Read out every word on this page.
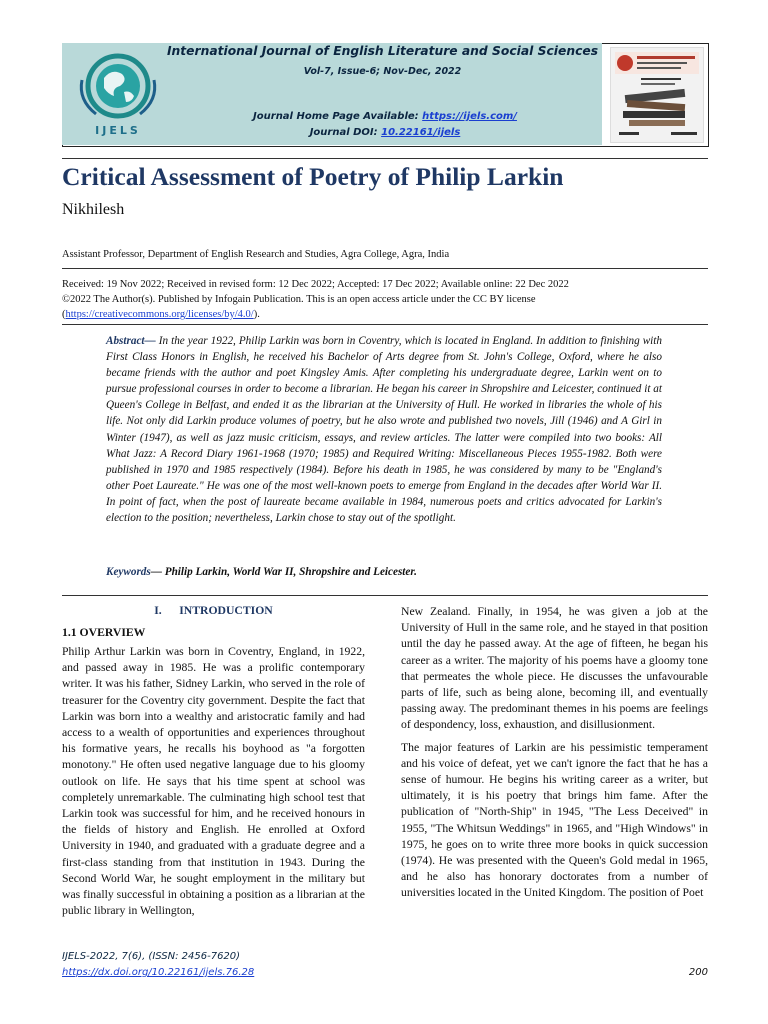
IJELS
International Journal of English Literature and Social Sciences
Vol-7, Issue-6; Nov-Dec, 2022
Journal Home Page Available: https://ijels.com/
Journal DOI: 10.22161/ijels
Critical Assessment of Poetry of Philip Larkin
Nikhilesh
Assistant Professor, Department of English Research and Studies, Agra College, Agra, India
Received: 19 Nov 2022; Received in revised form: 12 Dec 2022; Accepted: 17 Dec 2022; Available online: 22 Dec 2022
©2022 The Author(s). Published by Infogain Publication. This is an open access article under the CC BY license
(https://creativecommons.org/licenses/by/4.0/).
Abstract— In the year 1922, Philip Larkin was born in Coventry, which is located in England. In addition to finishing with First Class Honors in English, he received his Bachelor of Arts degree from St. John's College, Oxford, where he also became friends with the author and poet Kingsley Amis. After completing his undergraduate degree, Larkin went on to pursue professional courses in order to become a librarian. He began his career in Shropshire and Leicester, continued it at Queen's College in Belfast, and ended it as the librarian at the University of Hull. He worked in libraries the whole of his life. Not only did Larkin produce volumes of poetry, but he also wrote and published two novels, Jill (1946) and A Girl in Winter (1947), as well as jazz music criticism, essays, and review articles. The latter were compiled into two books: All What Jazz: A Record Diary 1961-1968 (1970; 1985) and Required Writing: Miscellaneous Pieces 1955-1982. Both were published in 1970 and 1985 respectively (1984). Before his death in 1985, he was considered by many to be "England's other Poet Laureate." He was one of the most well-known poets to emerge from England in the decades after World War II. In point of fact, when the post of laureate became available in 1984, numerous poets and critics advocated for Larkin's election to the position; nevertheless, Larkin chose to stay out of the spotlight.
Keywords— Philip Larkin, World War II, Shropshire and Leicester.
I.      INTRODUCTION
1.1 OVERVIEW

Philip Arthur Larkin was born in Coventry, England, in 1922, and passed away in 1985. He was a prolific contemporary writer. It was his father, Sidney Larkin, who served in the role of treasurer for the Coventry city government. Despite the fact that Larkin was born into a wealthy and aristocratic family and had access to a wealth of opportunities and experiences throughout his formative years, he recalls his boyhood as "a forgotten monotony." He often used negative language due to his gloomy outlook on life. He says that his time spent at school was completely unremarkable. The culminating high school test that Larkin took was successful for him, and he received honours in the fields of history and English. He enrolled at Oxford University in 1940, and graduated with a graduate degree and a first-class standing from that institution in 1943. During the Second World War, he sought employment in the military but was finally successful in obtaining a position as a librarian at the public library in Wellington,

New Zealand. Finally, in 1954, he was given a job at the University of Hull in the same role, and he stayed in that position until the day he passed away. At the age of fifteen, he began his career as a writer. The majority of his poems have a gloomy tone that permeates the whole piece. He discusses the unfavourable parts of life, such as being alone, becoming ill, and eventually passing away. The predominant themes in his poems are feelings of despondency, loss, exhaustion, and disillusionment.

The major features of Larkin are his pessimistic temperament and his voice of defeat, yet we can't ignore the fact that he has a sense of humour. He begins his writing career as a writer, but ultimately, it is his poetry that brings him fame. After the publication of "North-Ship" in 1945, "The Less Deceived" in 1955, "The Whitsun Weddings" in 1965, and "High Windows" in 1975, he goes on to write three more books in quick succession (1974). He was presented with the Queen's Gold medal in 1965, and he also has honorary doctorates from a number of universities located in the United Kingdom. The position of Poet

IJELS-2022, 7(6), (ISSN: 2456-7620)
https://dx.doi.org/10.22161/ijels.76.28	200
